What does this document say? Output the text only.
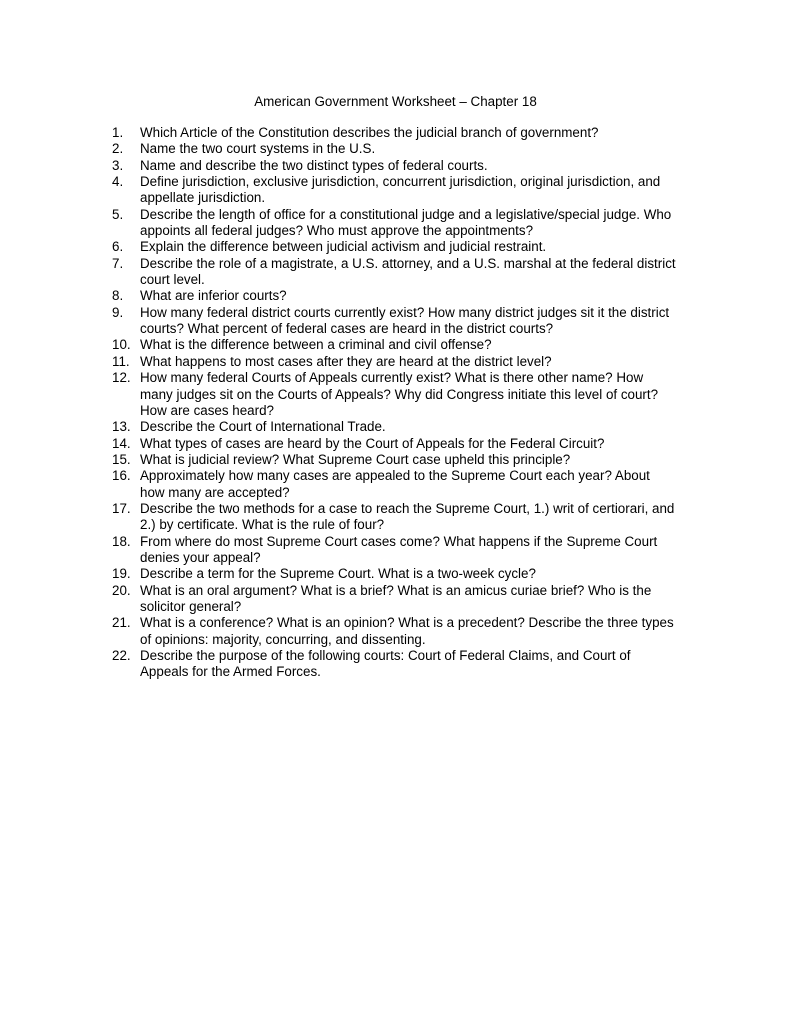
American Government Worksheet – Chapter 18
1.	Which Article of the Constitution describes the judicial branch of government?
2.	Name the two court systems in the U.S.
3.	Name and describe the two distinct types of federal courts.
4.	Define jurisdiction, exclusive jurisdiction, concurrent jurisdiction, original jurisdiction, and appellate jurisdiction.
5.	Describe the length of office for a constitutional judge and a legislative/special judge. Who appoints all federal judges? Who must approve the appointments?
6.	Explain the difference between judicial activism and judicial restraint.
7.	Describe the role of a magistrate, a U.S. attorney, and a U.S. marshal at the federal district court level.
8.	What are inferior courts?
9.	How many federal district courts currently exist? How many district judges sit it the district courts? What percent of federal cases are heard in the district courts?
10. What is the difference between a criminal and civil offense?
11. What happens to most cases after they are heard at the district level?
12. How many federal Courts of Appeals currently exist? What is there other name? How many judges sit on the Courts of Appeals? Why did Congress initiate this level of court? How are cases heard?
13. Describe the Court of International Trade.
14. What types of cases are heard by the Court of Appeals for the Federal Circuit?
15. What is judicial review? What Supreme Court case upheld this principle?
16. Approximately how many cases are appealed to the Supreme Court each year? About how many are accepted?
17. Describe the two methods for a case to reach the Supreme Court, 1.) writ of certiorari, and 2.) by certificate. What is the rule of four?
18. From where do most Supreme Court cases come? What happens if the Supreme Court denies your appeal?
19. Describe a term for the Supreme Court. What is a two-week cycle?
20. What is an oral argument? What is a brief? What is an amicus curiae brief? Who is the solicitor general?
21. What is a conference? What is an opinion? What is a precedent? Describe the three types of opinions: majority, concurring, and dissenting.
22. Describe the purpose of the following courts: Court of Federal Claims, and Court of Appeals for the Armed Forces.
